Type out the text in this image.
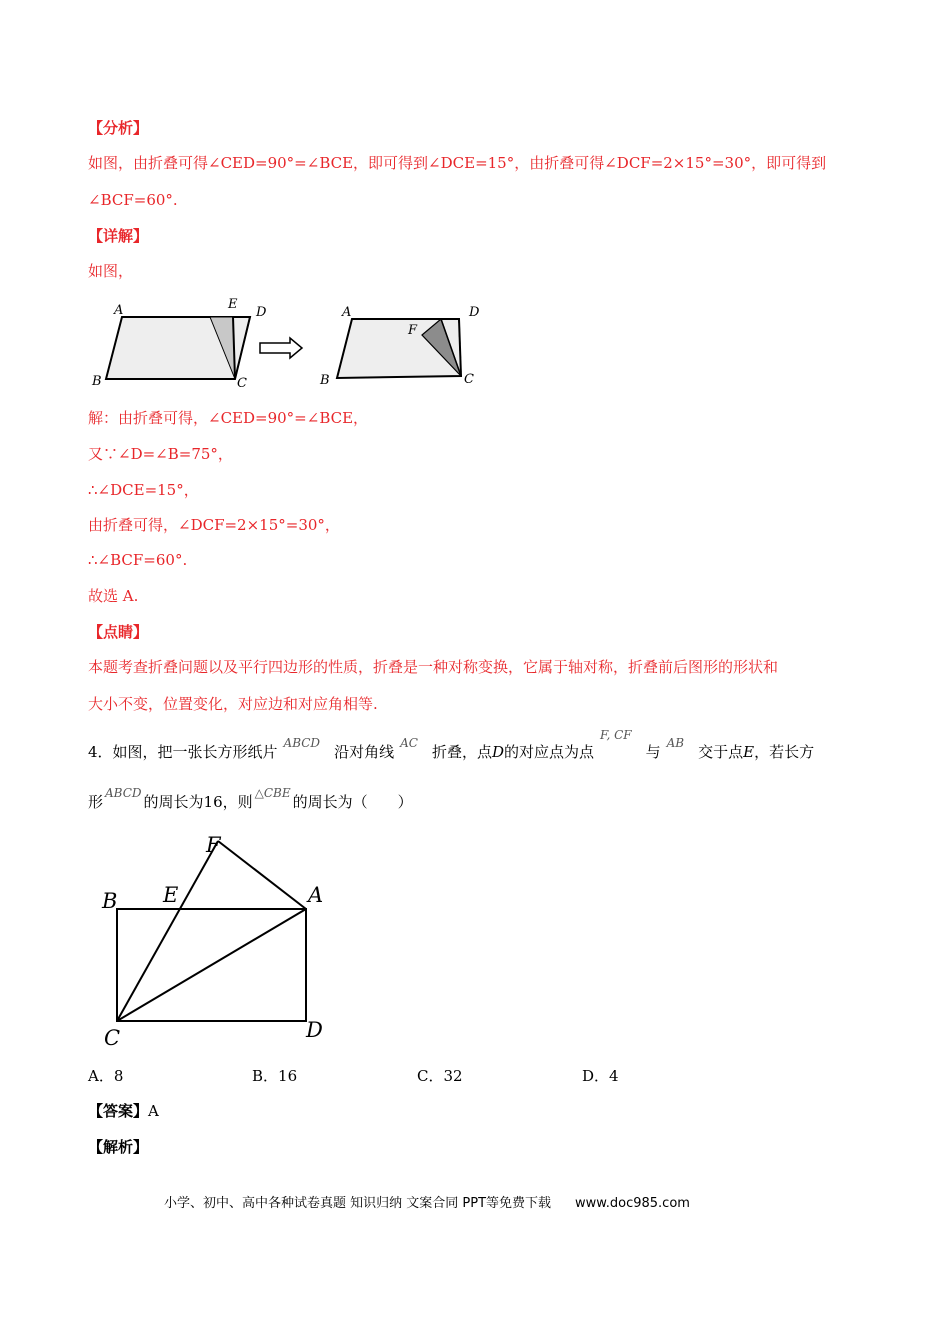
【分析】
如图，由折叠可得∠CED=90°=∠BCE，即可得到∠DCE=15°，由折叠可得∠DCF=2×15°=30°，即可得到
∠BCF=60°.
【详解】
如图，
A	E
D
B	C
A
F
D
B	C
解：由折叠可得，∠CED=90°=∠BCE，
又∵∠D=∠B=75°，
∴∠DCE=15°，
由折叠可得，∠DCF=2×15°=30°，
∴∠BCF=60°.
故选 A.
【点睛】
本题考查折叠问题以及平行四边形的性质，折叠是一种对称变换，它属于轴对称，折叠前后图形的形状和
大小不变，位置变化，对应边和对应角相等.
4．如图，把一张长方形纸片 $^{ABCD}$ 沿对角线 $^{AC}$ 折叠，点D的对应点为点$^{F, CF}$与 $^{AB}$ 交于点E，若长方
形 $^{ABCD}$ 的周长为16，则 $^{\triangle CBE}$ 的周长为（　　）
F
B E	A
C	D
A．8	B．16	C．32	D．4
【答案】A
【解析】
小学、初中、高中各种试卷真题 知识归纳 文案合同 PPT等免费下载 www.doc985.com
